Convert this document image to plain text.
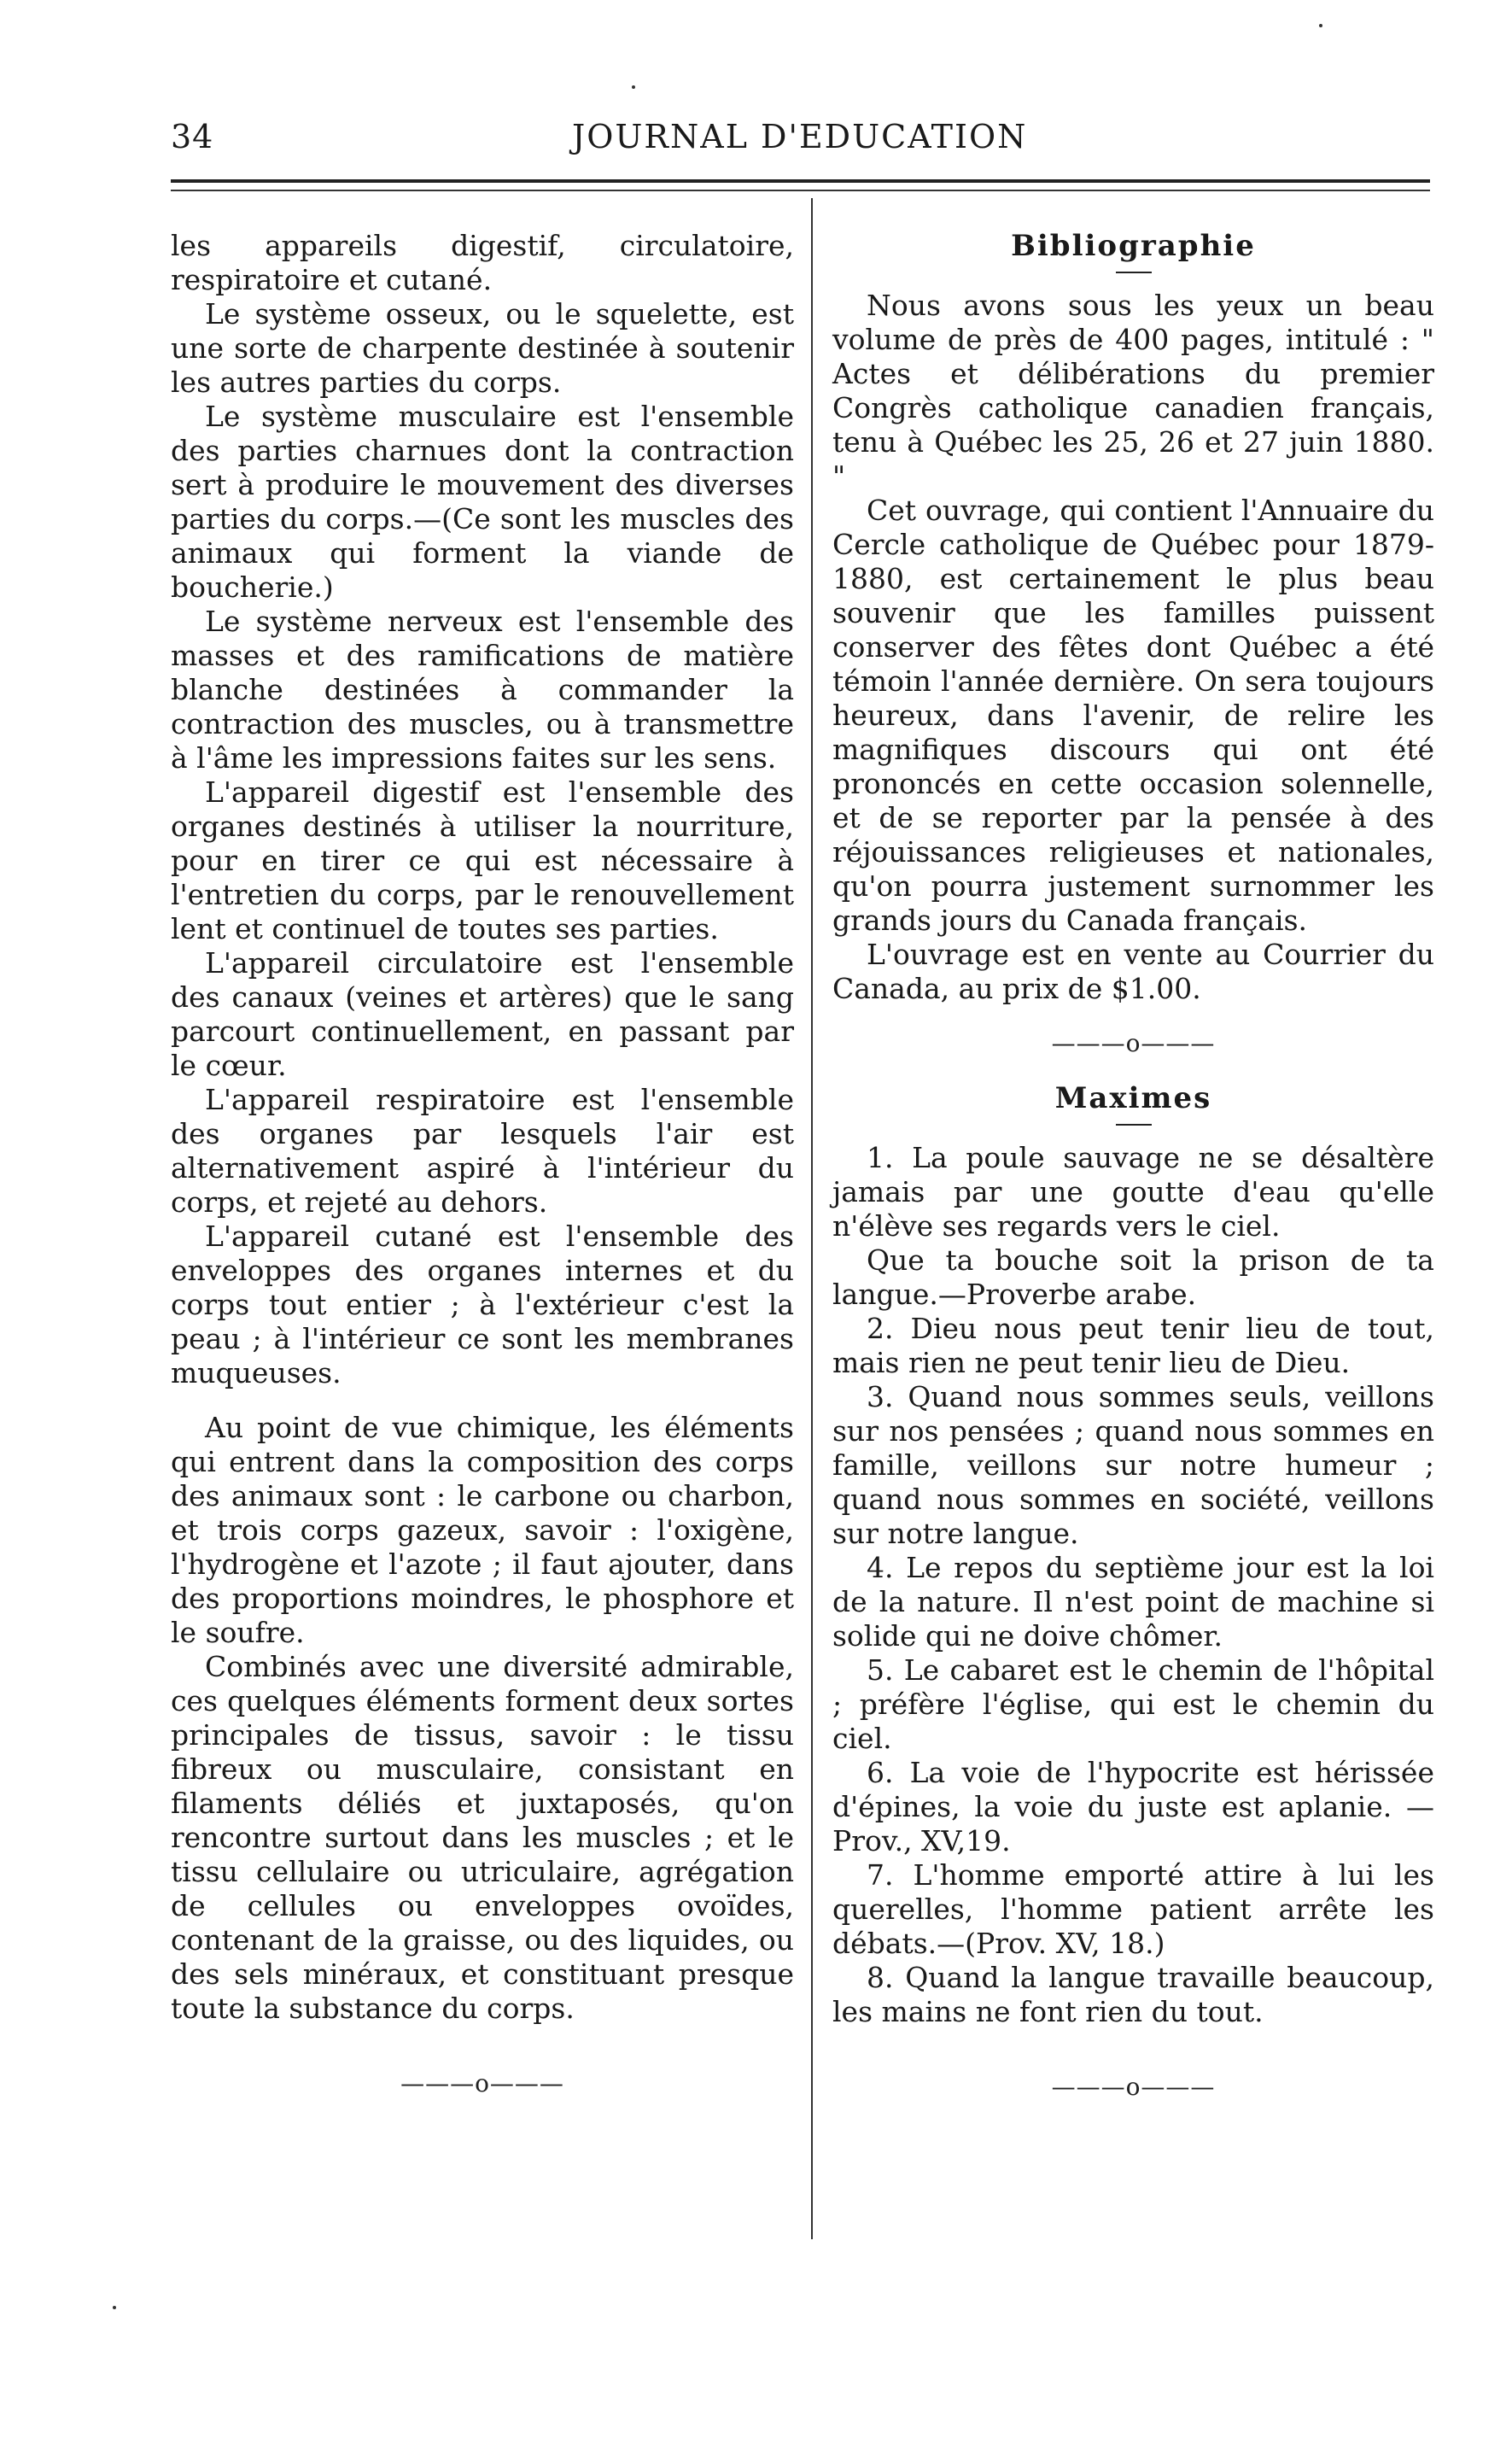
34	JOURNAL D'EDUCATION

les appareils digestif, circulatoire, respiratoire et cutané.

Le système osseux, ou le squelette, est une sorte de charpente destinée à soutenir les autres parties du corps.

Le système musculaire est l'ensemble des parties charnues dont la contraction sert à produire le mouvement des diverses parties du corps.—(Ce sont les muscles des animaux qui forment la viande de boucherie.)

Le système nerveux est l'ensemble des masses et des ramifications de matière blanche destinées à commander la contraction des muscles, ou à transmettre à l'âme les impressions faites sur les sens.

L'appareil digestif est l'ensemble des organes destinés à utiliser la nourriture, pour en tirer ce qui est nécessaire à l'entretien du corps, par le renouvellement lent et continuel de toutes ses parties.

L'appareil circulatoire est l'ensemble des canaux (veines et artères) que le sang parcourt continuellement, en passant par le cœur.

L'appareil respiratoire est l'ensemble des organes par lesquels l'air est alternativement aspiré à l'intérieur du corps, et rejeté au dehors.

L'appareil cutané est l'ensemble des enveloppes des organes internes et du corps tout entier ; à l'extérieur c'est la peau ; à l'intérieur ce sont les membranes muqueuses.

Au point de vue chimique, les éléments qui entrent dans la composition des corps des animaux sont : le carbone ou charbon, et trois corps gazeux, savoir : l'oxigène, l'hydrogène et l'azote ; il faut ajouter, dans des proportions moindres, le phosphore et le soufre.

Combinés avec une diversité admirable, ces quelques éléments forment deux sortes principales de tissus, savoir : le tissu fibreux ou musculaire, consistant en filaments déliés et juxtaposés, qu'on rencontre surtout dans les muscles ; et le tissu cellulaire ou utriculaire, agrégation de cellules ou enveloppes ovoïdes, contenant de la graisse, ou des liquides, ou des sels minéraux, et constituant presque toute la substance du corps.

———o———
Bibliographie

Nous avons sous les yeux un beau volume de près de 400 pages, intitulé : " Actes et délibérations du premier Congrès catholique canadien français, tenu à Québec les 25, 26 et 27 juin 1880. "

Cet ouvrage, qui contient l'Annuaire du Cercle catholique de Québec pour 1879-1880, est certainement le plus beau souvenir que les familles puissent conserver des fêtes dont Québec a été témoin l'année dernière. On sera toujours heureux, dans l'avenir, de relire les magnifiques discours qui ont été prononcés en cette occasion solennelle, et de se reporter par la pensée à des réjouissances religieuses et nationales, qu'on pourra justement surnommer les grands jours du Canada français.

L'ouvrage est en vente au Courrier du Canada, au prix de $1.00.

———o———
Maximes

1. La poule sauvage ne se désaltère jamais par une goutte d'eau qu'elle n'élève ses regards vers le ciel.

Que ta bouche soit la prison de ta langue.—Proverbe arabe.

2. Dieu nous peut tenir lieu de tout, mais rien ne peut tenir lieu de Dieu.

3. Quand nous sommes seuls, veillons sur nos pensées ; quand nous sommes en famille, veillons sur notre humeur ; quand nous sommes en société, veillons sur notre langue.

4. Le repos du septième jour est la loi de la nature. Il n'est point de machine si solide qui ne doive chômer.

5. Le cabaret est le chemin de l'hôpital ; préfère l'église, qui est le chemin du ciel.

6. La voie de l'hypocrite est hérissée d'épines, la voie du juste est aplanie. —Prov., XV,19.

7. L'homme emporté attire à lui les querelles, l'homme patient arrête les débats.—(Prov. XV, 18.)

8. Quand la langue travaille beaucoup, les mains ne font rien du tout.

———o———
